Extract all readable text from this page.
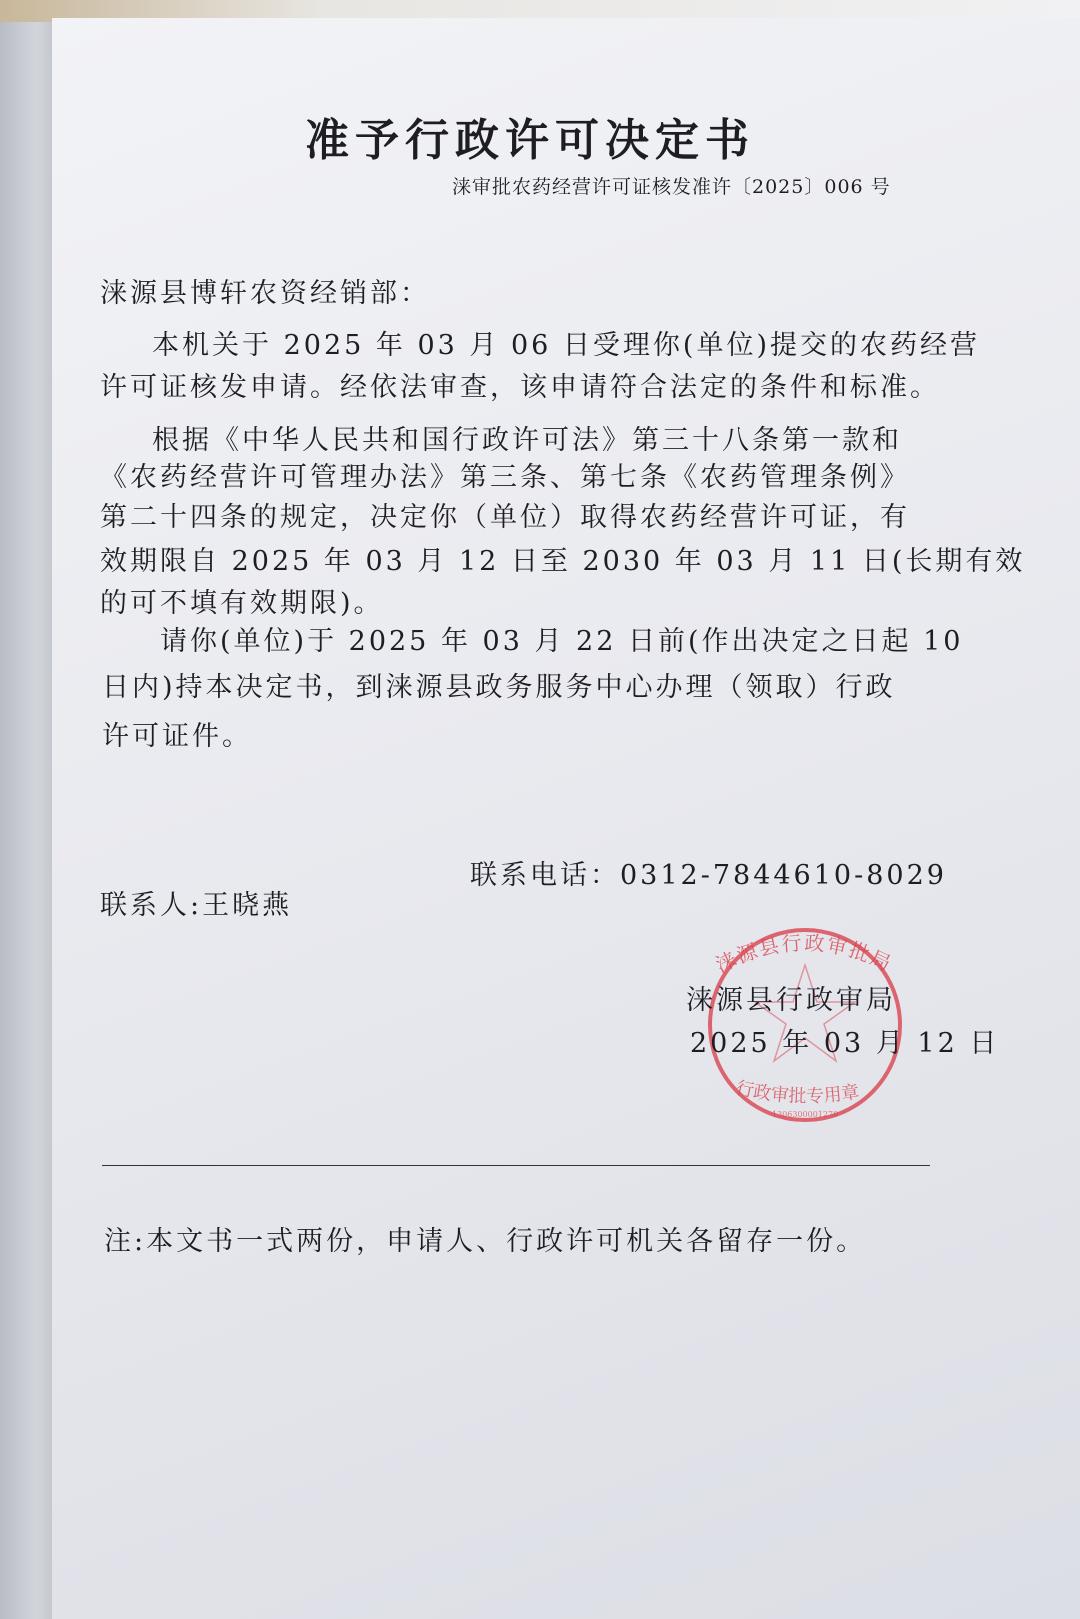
准予行政许可决定书
涞审批农药经营许可证核发准许〔2025〕006 号
涞源县博轩农资经销部：
本机关于 2025 年 03 月 06 日受理你(单位)提交的农药经营
许可证核发申请。经依法审查，该申请符合法定的条件和标准。
根据《中华人民共和国行政许可法》第三十八条第一款和
《农药经营许可管理办法》第三条、第七条《农药管理条例》
第二十四条的规定，决定你（单位）取得农药经营许可证，有
效期限自 2025 年 03 月 12 日至 2030 年 03 月 11 日(长期有效
的可不填有效期限)。
请你(单位)于 2025 年 03 月 22 日前(作出决定之日起 10
日内)持本决定书，到涞源县政务服务中心办理（领取）行政
许可证件。
联系人:王晓燕
联系电话：0312-7844610-8029
涞源县行政审批局
行政审批专用章
1306300001270
涞源县行政审局
2025 年 03 月 12 日
注:本文书一式两份，申请人、行政许可机关各留存一份。
